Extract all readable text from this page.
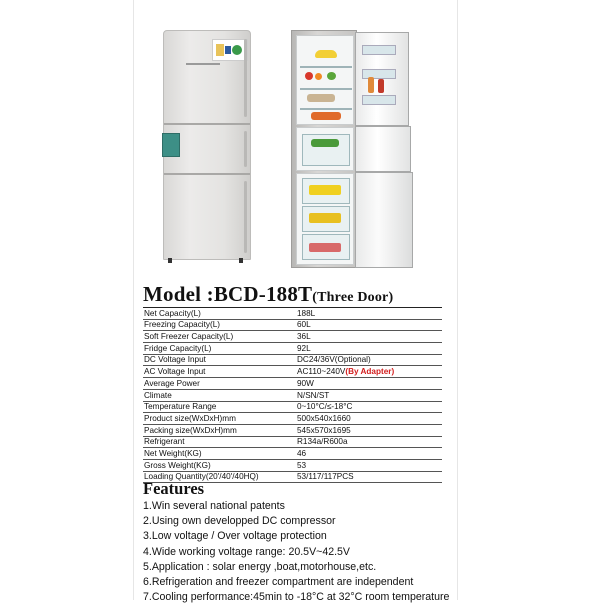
Model :BCD-188T(Three Door)
Net Capacity(L)	188L
Freezing Capacity(L)	60L
Soft Freezer Capacity(L)	36L
Fridge Capacity(L)	92L
DC Voltage Input	DC24/36V(Optional)
AC Voltage Input	AC110~240V(By Adapter)
Average Power	90W
Climate	N/SN/ST
Temperature Range	0~10°C/≤-18°C
Product size(WxDxH)mm	500x540x1660
Packing size(WxDxH)mm	545x570x1695
Refrigerant	R134a/R600a
Net Weight(KG)	46
Gross Weight(KG)	53
Loading Quantity(20'/40'/40HQ)	53/117/117PCS
Features
1.Win several national patents
2.Using own developped DC compressor
3.Low voltage / Over voltage protection
4.Wide working voltage range: 20.5V~42.5V
5.Application : solar energy ,boat,motorhouse,etc.
6.Refrigeration and freezer compartment are independent
7.Cooling performance:45min to -18°C at 32°C room temperature
